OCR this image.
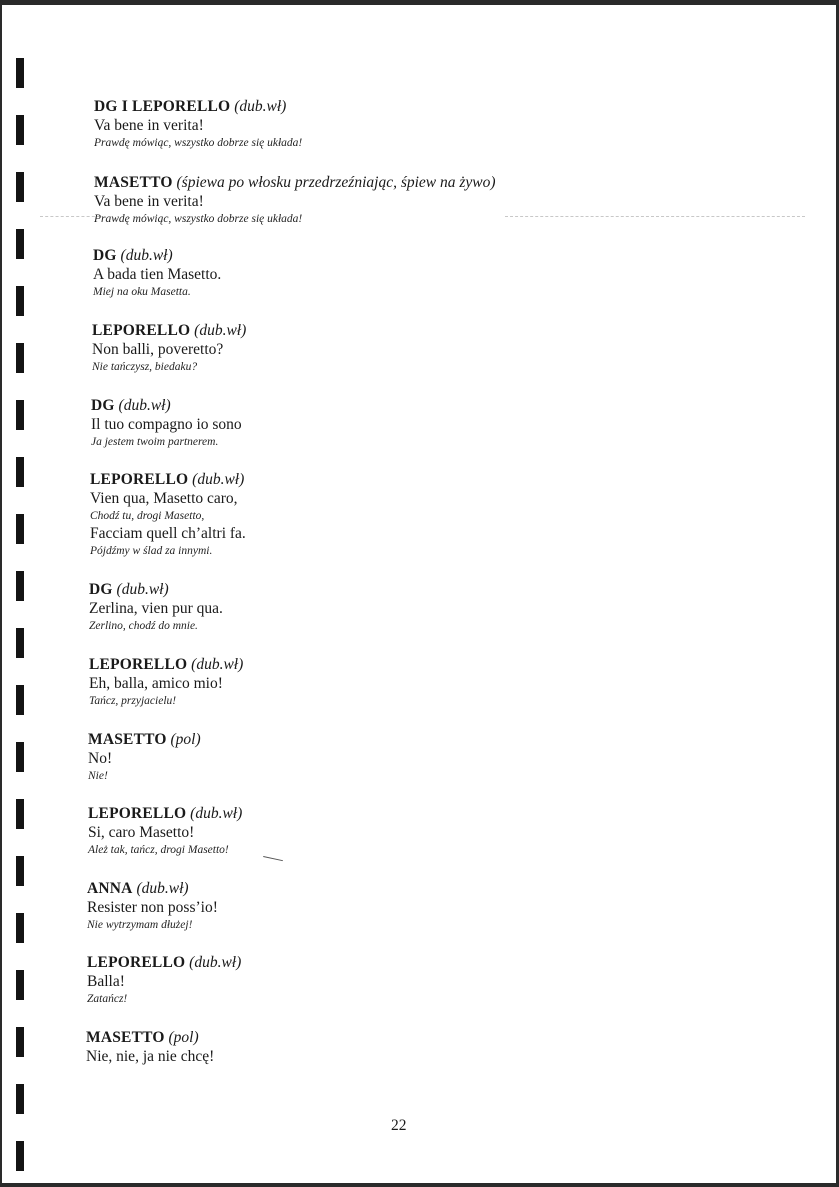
DG I LEPORELLO (dub.wł)
Va bene in verita!
Prawdę mówiąc, wszystko dobrze się układa!
MASETTO (śpiewa po włosku przedrzeźniając, śpiew na żywo)
Va bene in verita!
Prawdę mówiąc, wszystko dobrze się układa!
DG (dub.wł)
A bada tien Masetto.
Miej na oku Masetta.
LEPORELLO (dub.wł)
Non balli, poveretto?
Nie tańczysz, biedaku?
DG (dub.wł)
Il tuo compagno io sono
Ja jestem twoim partnerem.
LEPORELLO (dub.wł)
Vien qua, Masetto caro,
Chodź tu, drogi Masetto,
Facciam quell ch’altri fa.
Pójdźmy w ślad za innymi.
DG (dub.wł)
Zerlina, vien pur qua.
Zerlino, chodź do mnie.
LEPORELLO (dub.wł)
Eh, balla, amico mio!
Tańcz, przyjacielu!
MASETTO (pol)
No!
Nie!
LEPORELLO (dub.wł)
Si, caro Masetto!
Ależ tak, tańcz, drogi Masetto!
ANNA (dub.wł)
Resister non poss’io!
Nie wytrzymam dłużej!
LEPORELLO (dub.wł)
Balla!
Zatańcz!
MASETTO (pol)
Nie, nie, ja nie chcę!
22
